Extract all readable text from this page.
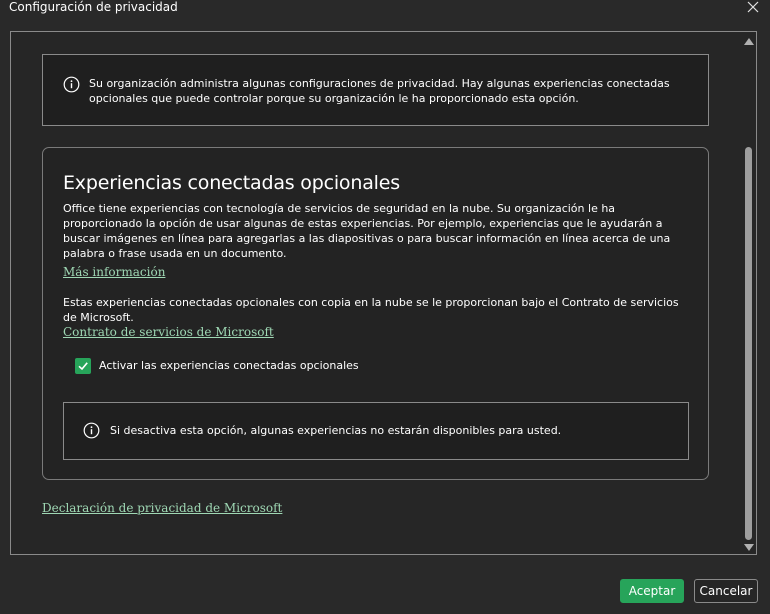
Configuración de privacidad
Su organización administra algunas configuraciones de privacidad. Hay algunas experiencias conectadas opcionales que puede controlar porque su organización le ha proporcionado esta opción.
Experiencias conectadas opcionales
Office tiene experiencias con tecnología de servicios de seguridad en la nube. Su organización le ha proporcionado la opción de usar algunas de estas experiencias. Por ejemplo, experiencias que le ayudarán a buscar imágenes en línea para agregarlas a las diapositivas o para buscar información en línea acerca de una palabra o frase usada en un documento.
Más información
Estas experiencias conectadas opcionales con copia en la nube se le proporcionan bajo el Contrato de servicios de Microsoft.
Contrato de servicios de Microsoft
Activar las experiencias conectadas opcionales
Si desactiva esta opción, algunas experiencias no estarán disponibles para usted.
Declaración de privacidad de Microsoft
Aceptar	Cancelar
